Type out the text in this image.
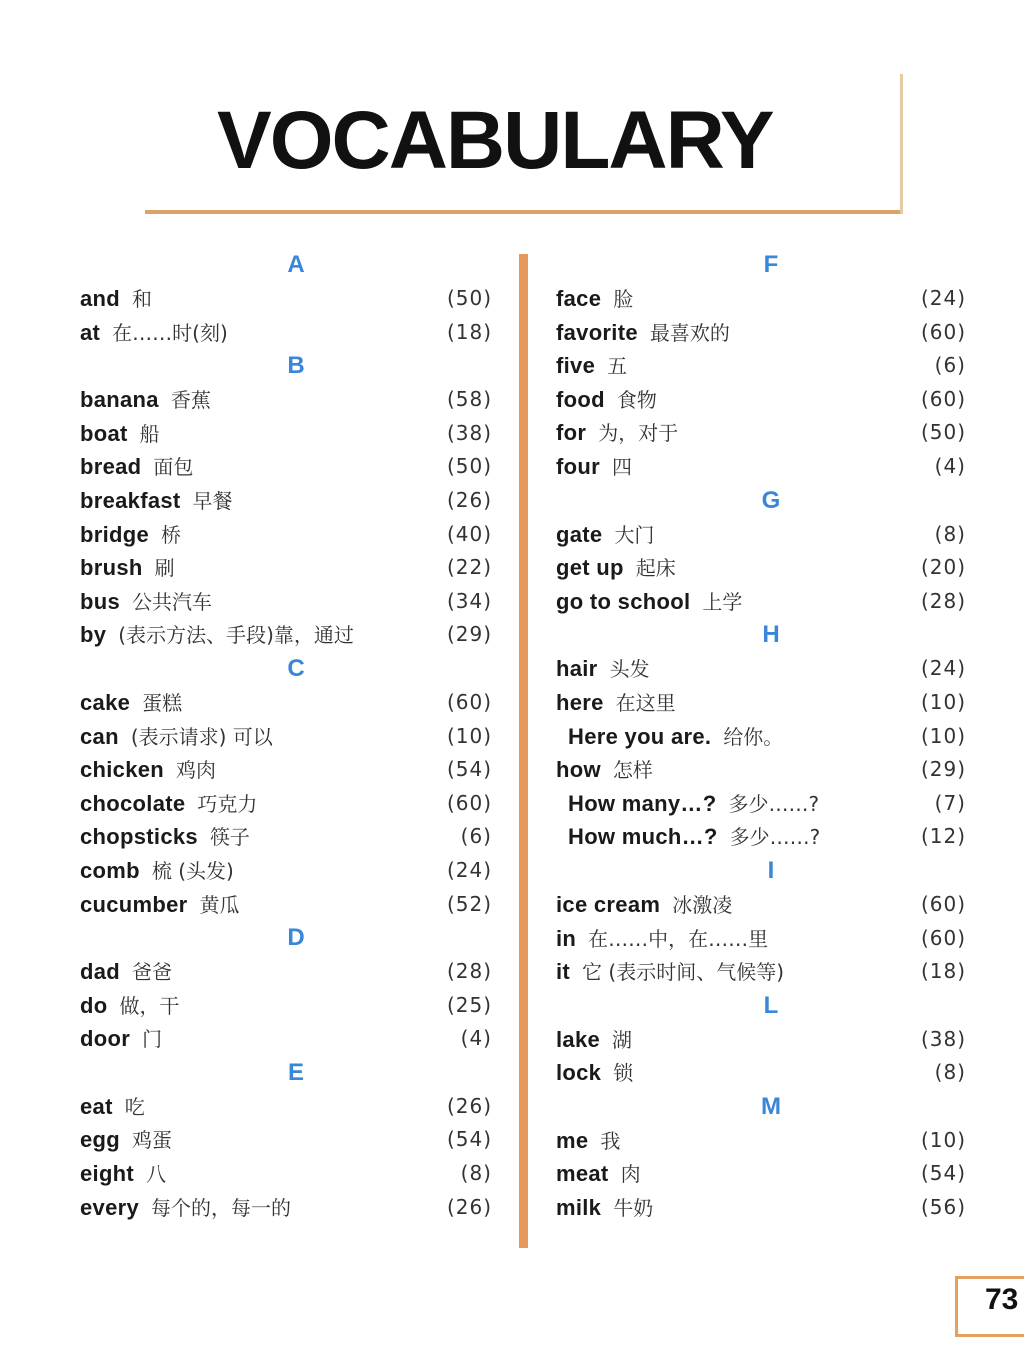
VOCABULARY
A
and 和	(50)
at 在……时(刻)	(18)
B
banana 香蕉	(58)
boat 船	(38)
bread 面包	(50)
breakfast 早餐	(26)
bridge 桥	(40)
brush 刷	(22)
bus 公共汽车	(34)
by (表示方法、手段)靠，通过	(29)
C
cake 蛋糕	(60)
can (表示请求) 可以	(10)
chicken 鸡肉	(54)
chocolate 巧克力	(60)
chopsticks 筷子	(6)
comb 梳 (头发)	(24)
cucumber 黄瓜	(52)
D
dad 爸爸	(28)
do 做，干	(25)
door 门	(4)
E
eat 吃	(26)
egg 鸡蛋	(54)
eight 八	(8)
every 每个的，每一的	(26)
F
face 脸	(24)
favorite 最喜欢的	(60)
five 五	(6)
food 食物	(60)
for 为，对于	(50)
four 四	(4)
G
gate 大门	(8)
get up 起床	(20)
go to school 上学	(28)
H
hair 头发	(24)
here 在这里	(10)
Here you are. 给你。	(10)
how 怎样	(29)
How many…? 多少……?	(7)
How much…? 多少……?	(12)
I
ice cream 冰激凌	(60)
in 在……中，在……里	(60)
it 它 (表示时间、气候等)	(18)
L
lake 湖	(38)
lock 锁	(8)
M
me 我	(10)
meat 肉	(54)
milk 牛奶	(56)
73
